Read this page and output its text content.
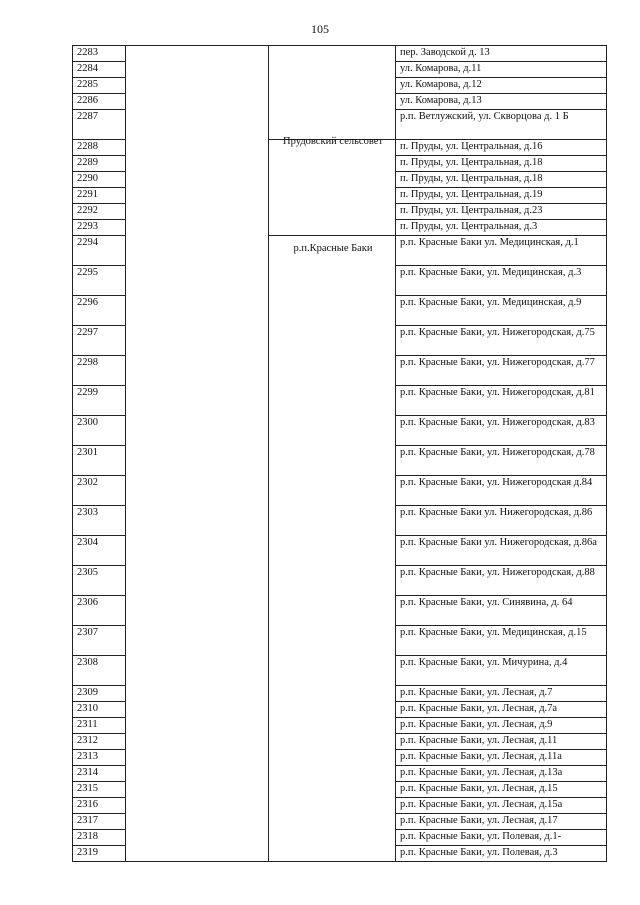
105
2283			пер. Заводской д. 13
2284			ул. Комарова, д.11
2285			ул. Комарова, д.12
2286			ул. Комарова, д.13
2287			р.п. Ветлужский, ул. Скворцова д. 1 Б
2288		Прудовский сельсовет	п. Пруды, ул. Центральная, д.16
2289			п. Пруды, ул. Центральная, д.18
2290			п. Пруды, ул. Центральная, д.18
2291			п. Пруды, ул. Центральная, д.19
2292			п. Пруды, ул. Центральная, д.23
2293			п. Пруды, ул. Центральная, д.3
2294		р.п.Красные Баки	р.п. Красные Баки ул. Медицинская, д.1
2295			р.п. Красные Баки, ул. Медицинская, д.3
2296			р.п. Красные Баки, ул. Медицинская, д.9
2297			р.п. Красные Баки, ул. Нижегородская, д.75
2298			р.п. Красные Баки, ул. Нижегородская, д.77
2299			р.п. Красные Баки, ул. Нижегородская, д.81
2300			р.п. Красные Баки, ул. Нижегородская, д.83
2301			р.п. Красные Баки, ул. Нижегородская, д.78
2302			р.п. Красные Баки, ул. Нижегородская д.84
2303			р.п. Красные Баки ул. Нижегородская, д.86
2304			р.п. Красные Баки ул. Нижегородская, д.86а
2305			р.п. Красные Баки, ул. Нижегородская, д.88
2306			р.п. Красные Баки, ул. Синявина, д. 64
2307			р.п. Красные Баки, ул. Медицинская, д.15
2308			р.п. Красные Баки, ул. Мичурина, д.4
2309			р.п. Красные Баки, ул. Лесная, д.7
2310			р.п. Красные Баки, ул. Лесная, д.7а
2311			р.п. Красные Баки, ул. Лесная, д.9
2312			р.п. Красные Баки, ул. Лесная, д.11
2313			р.п. Красные Баки, ул. Лесная, д.11а
2314			р.п. Красные Баки, ул. Лесная, д.13а
2315			р.п. Красные Баки, ул. Лесная, д.15
2316			р.п. Красные Баки, ул. Лесная, д.15а
2317			р.п. Красные Баки, ул. Лесная, д.17
2318			р.п. Красные Баки, ул. Полевая, д.1-
2319			р.п. Красные Баки, ул. Полевая, д.3
